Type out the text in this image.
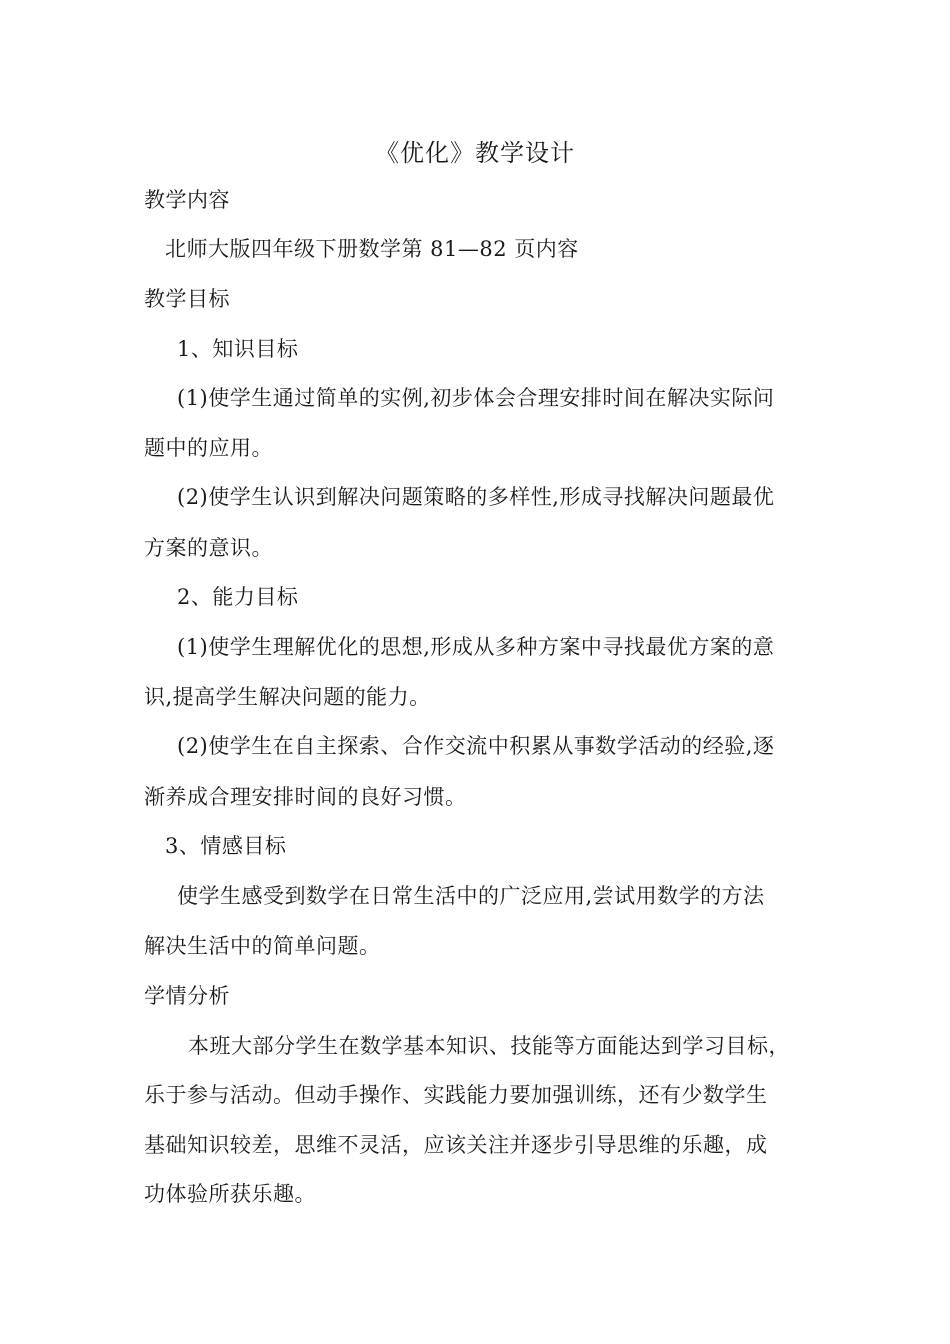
《优化》教学设计
教学内容
北师大版四年级下册数学第 81—82 页内容
教学目标
1、知识目标
(1)使学生通过简单的实例,初步体会合理安排时间在解决实际问
题中的应用。
(2)使学生认识到解决问题策略的多样性,形成寻找解决问题最优
方案的意识。
2、能力目标
(1)使学生理解优化的思想,形成从多种方案中寻找最优方案的意
识,提高学生解决问题的能力。
(2)使学生在自主探索、合作交流中积累从事数学活动的经验,逐
渐养成合理安排时间的良好习惯。
3、情感目标
使学生感受到数学在日常生活中的广泛应用,尝试用数学的方法
解决生活中的简单问题。
学情分析
本班大部分学生在数学基本知识、技能等方面能达到学习目标，
乐于参与活动。但动手操作、实践能力要加强训练，还有少数学生
基础知识较差，思维不灵活，应该关注并逐步引导思维的乐趣，成
功体验所获乐趣。
